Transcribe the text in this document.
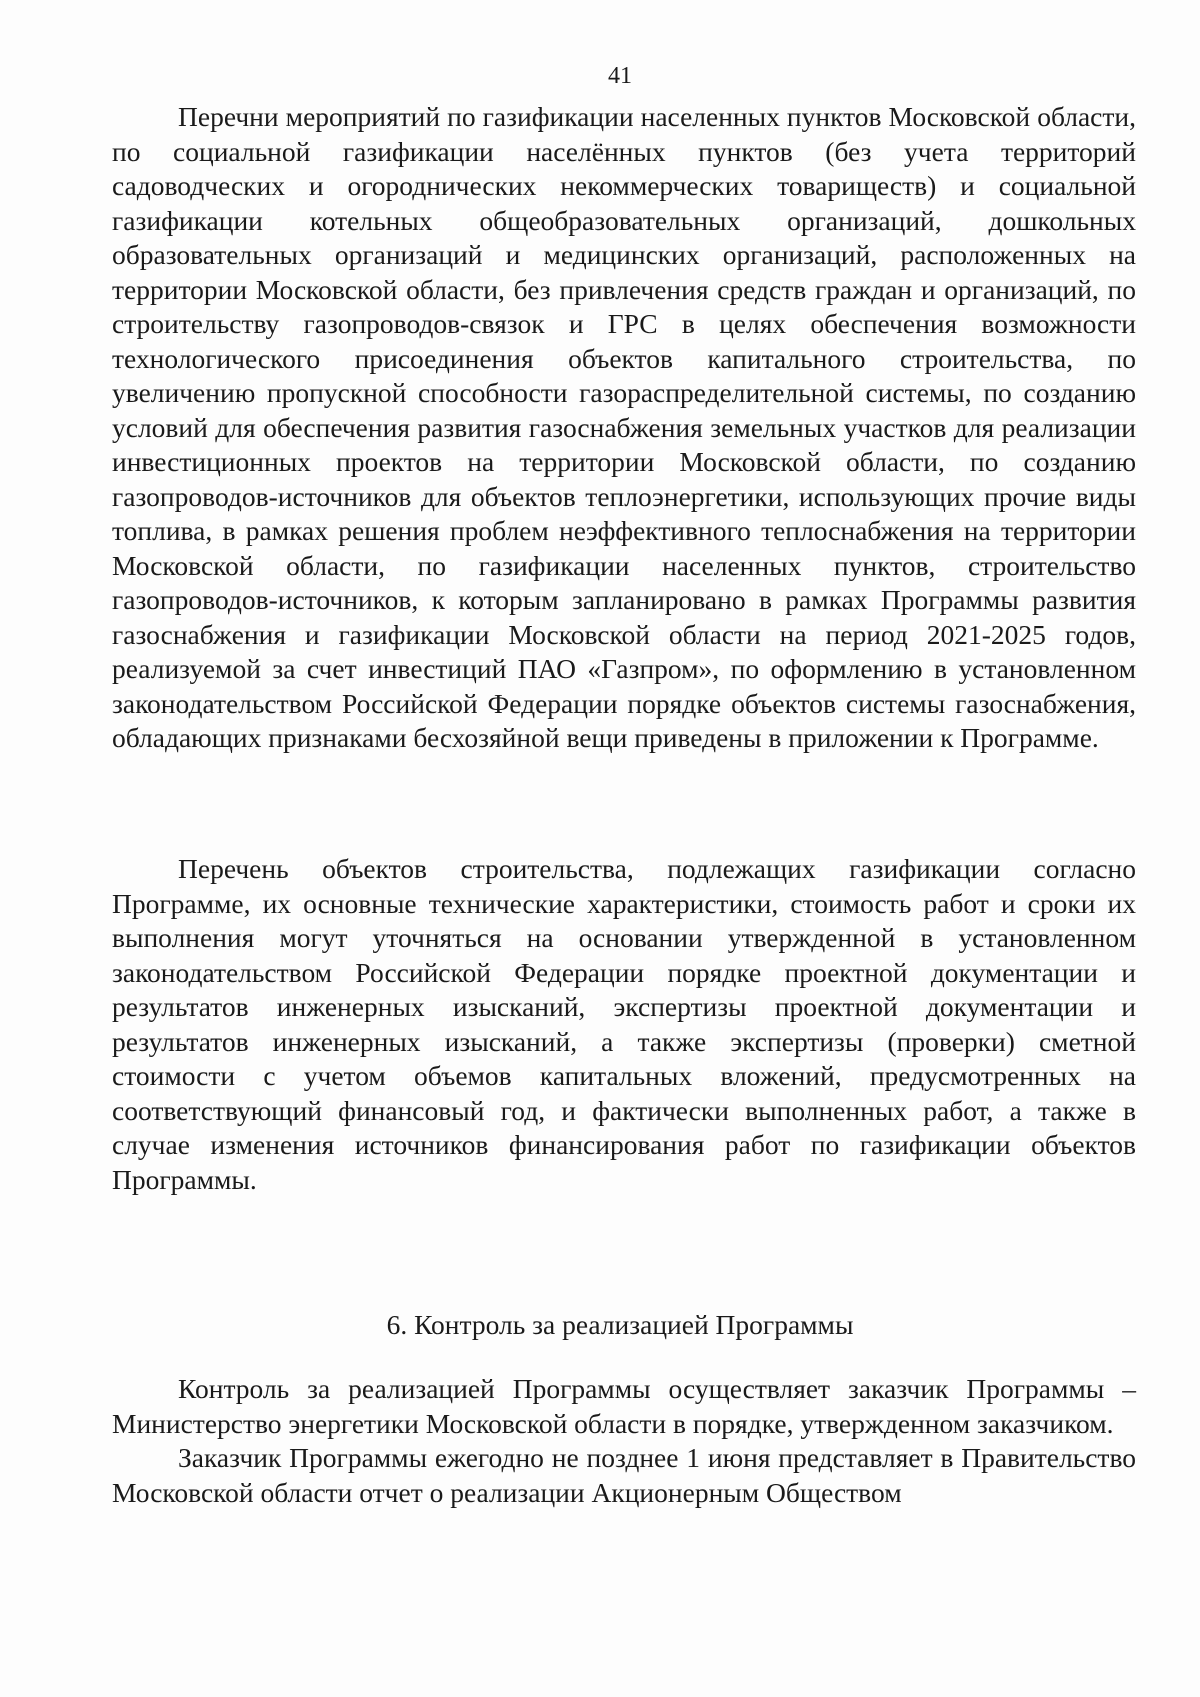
41

Перечни мероприятий по газификации населенных пунктов Московской области, по социальной газификации населённых пунктов (без учета территорий садоводческих и огороднических некоммерческих товариществ) и социальной газификации котельных общеобразовательных организаций, дошкольных образовательных организаций и медицинских организаций, расположенных на территории Московской области, без привлечения средств граждан и организаций, по строительству газопроводов-связок и ГРС в целях обеспечения возможности технологического присоединения объектов капитального строительства, по увеличению пропускной способности газораспределительной системы, по созданию условий для обеспечения развития газоснабжения земельных участков для реализации инвестиционных проектов на территории Московской области, по созданию газопроводов-источников для объектов теплоэнергетики, использующих прочие виды топлива, в рамках решения проблем неэффективного теплоснабжения на территории Московской области, по газификации населенных пунктов, строительство газопроводов-источников, к которым запланировано в рамках Программы развития газоснабжения и газификации Московской области на период 2021-2025 годов, реализуемой за счет инвестиций ПАО «Газпром», по оформлению в установленном законодательством Российской Федерации порядке объектов системы газоснабжения, обладающих признаками бесхозяйной вещи приведены в приложении к Программе.

Перечень объектов строительства, подлежащих газификации согласно Программе, их основные технические характеристики, стоимость работ и сроки их выполнения могут уточняться на основании утвержденной в установленном законодательством Российской Федерации порядке проектной документации и результатов инженерных изысканий, экспертизы проектной документации и результатов инженерных изысканий, а также экспертизы (проверки) сметной стоимости с учетом объемов капитальных вложений, предусмотренных на соответствующий финансовый год, и фактически выполненных работ, а также в случае изменения источников финансирования работ по газификации объектов Программы.

6. Контроль за реализацией Программы

Контроль за реализацией Программы осуществляет заказчик Программы – Министерство энергетики Московской области в порядке, утвержденном заказчиком.

Заказчик Программы ежегодно не позднее 1 июня представляет в Правительство Московской области отчет о реализации Акционерным Обществом
